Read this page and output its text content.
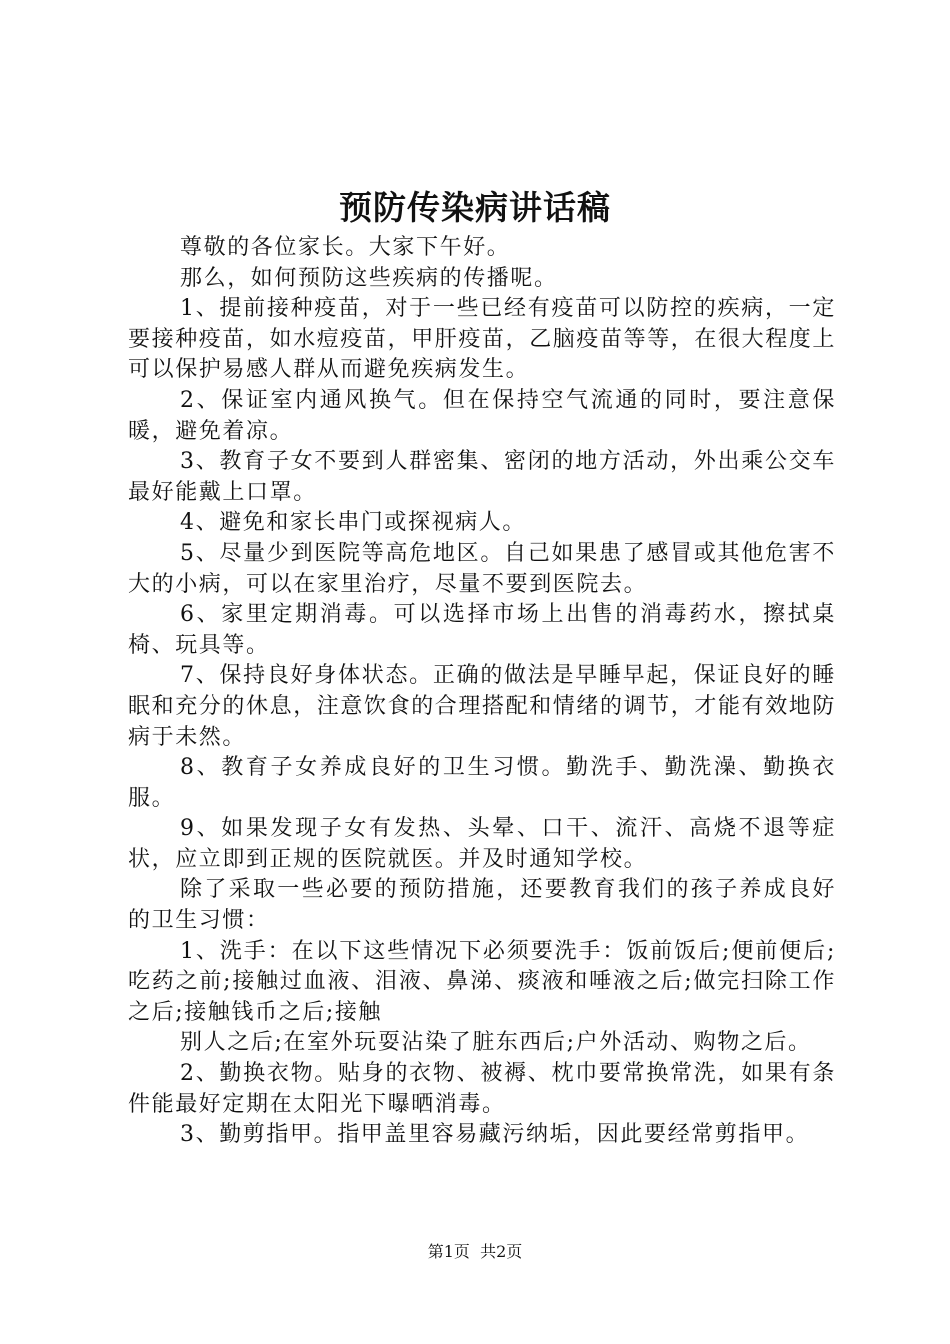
预防传染病讲话稿

尊敬的各位家长。大家下午好。

那么，如何预防这些疾病的传播呢。

1、提前接种疫苗，对于一些已经有疫苗可以防控的疾病，一定要接种疫苗，如水痘疫苗，甲肝疫苗，乙脑疫苗等等，在很大程度上可以保护易感人群从而避免疾病发生。

2、保证室内通风换气。但在保持空气流通的同时，要注意保暖，避免着凉。

3、教育子女不要到人群密集、密闭的地方活动，外出乘公交车最好能戴上口罩。

4、避免和家长串门或探视病人。

5、尽量少到医院等高危地区。自己如果患了感冒或其他危害不大的小病，可以在家里治疗，尽量不要到医院去。

6、家里定期消毒。可以选择市场上出售的消毒药水，擦拭桌椅、玩具等。

7、保持良好身体状态。正确的做法是早睡早起，保证良好的睡眠和充分的休息，注意饮食的合理搭配和情绪的调节，才能有效地防病于未然。

8、教育子女养成良好的卫生习惯。勤洗手、勤洗澡、勤换衣服。

9、如果发现子女有发热、头晕、口干、流汗、高烧不退等症状，应立即到正规的医院就医。并及时通知学校。

除了采取一些必要的预防措施，还要教育我们的孩子养成良好的卫生习惯：

1、洗手：在以下这些情况下必须要洗手：饭前饭后;便前便后;吃药之前;接触过血液、泪液、鼻涕、痰液和唾液之后;做完扫除工作之后;接触钱币之后;接触

别人之后;在室外玩耍沾染了脏东西后;户外活动、购物之后。

2、勤换衣物。贴身的衣物、被褥、枕巾要常换常洗，如果有条件能最好定期在太阳光下曝晒消毒。

3、勤剪指甲。指甲盖里容易藏污纳垢，因此要经常剪指甲。

第1页 共2页
